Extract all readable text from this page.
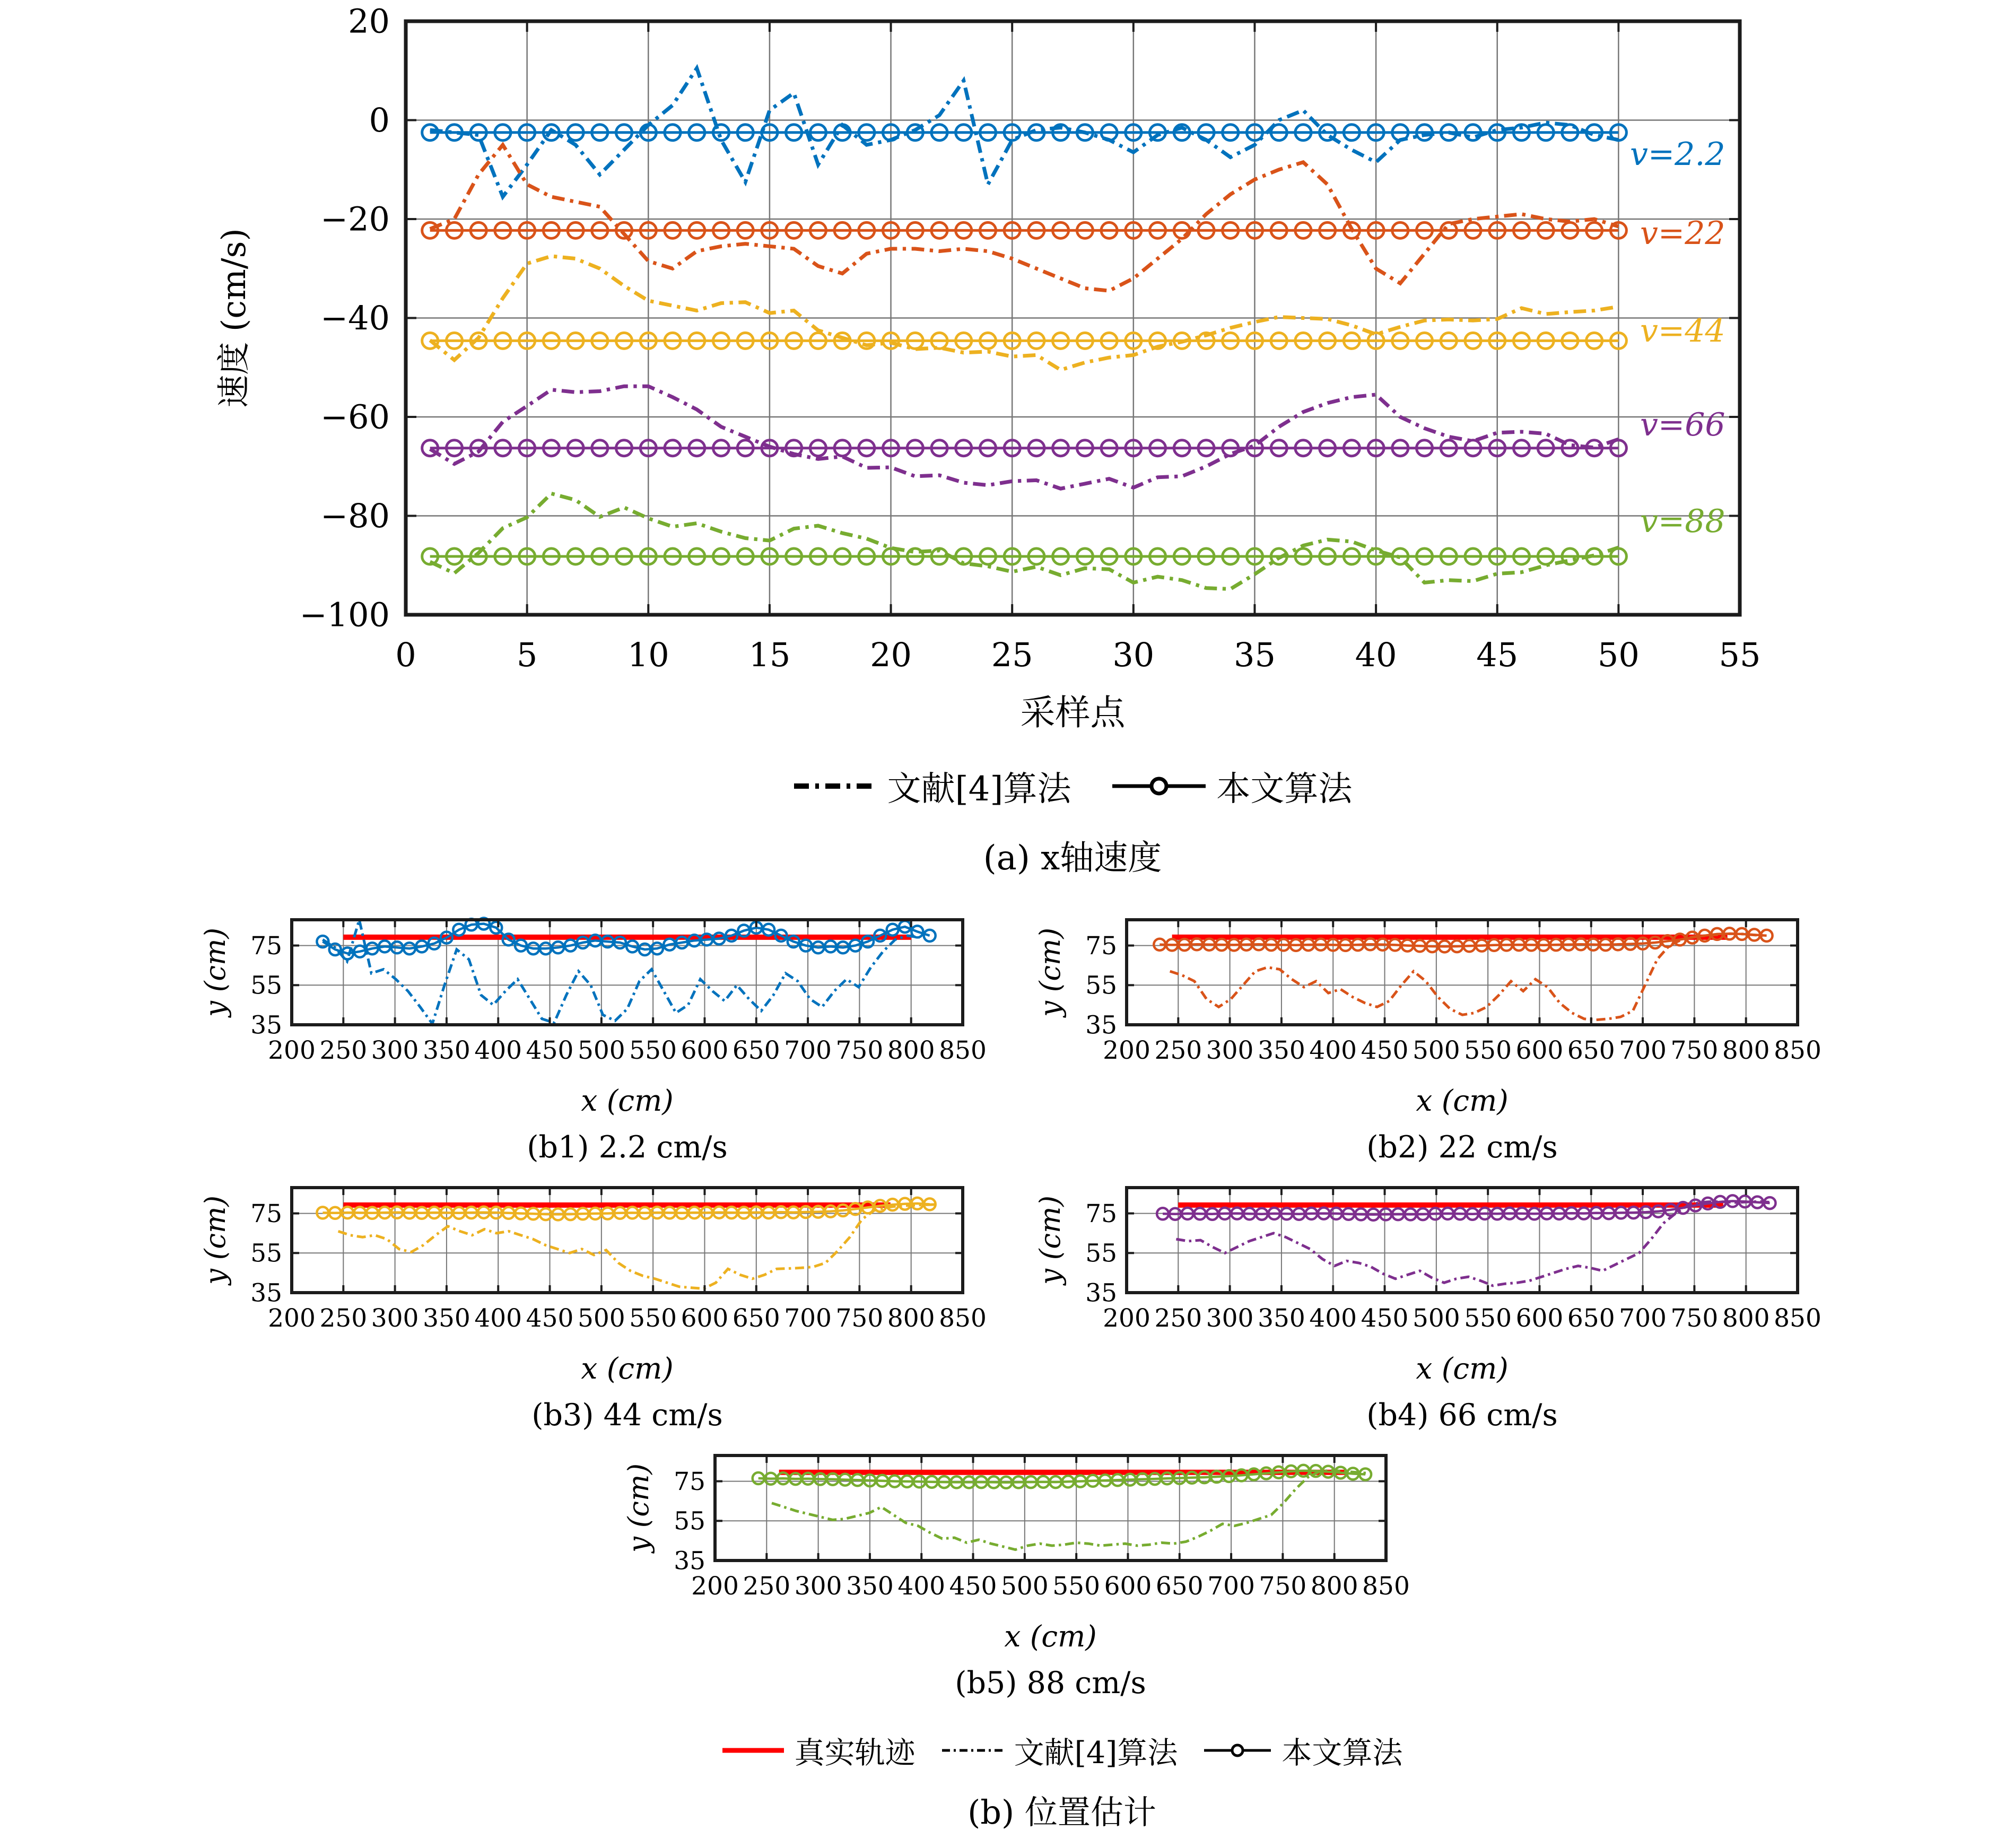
0	5	10 15 20 25 30 35 40 45 50 55
20
0
−20
−40
−60
−80
−100
采样点
速度 (cm/s)
v=2.2
v=22
v=44
v=66
v=88
文献[4]算法	本文算法
(a) x轴速度
200 250 300 350 400 450 500 550 600 650 700 750 800 850
75
55
35
x (cm)
y (cm)
(b1) 2.2 cm/s
200 250 300 350 400 450 500 550 600 650 700 750 800 850
75
55
35
x (cm)
y (cm)
(b2) 22 cm/s
200 250 300 350 400 450 500 550 600 650 700 750 800 850
75
55
35
x (cm)
y (cm)
(b3) 44 cm/s
200 250 300 350 400 450 500 550 600 650 700 750 800 850
75
55
35
x (cm)
y (cm)
(b4) 66 cm/s
200 250 300 350 400 450 500 550 600 650 700 750 800 850
75
55
35
x (cm)
y (cm)
(b5) 88 cm/s
真实轨迹	文献[4]算法	本文算法
(b) 位置估计
